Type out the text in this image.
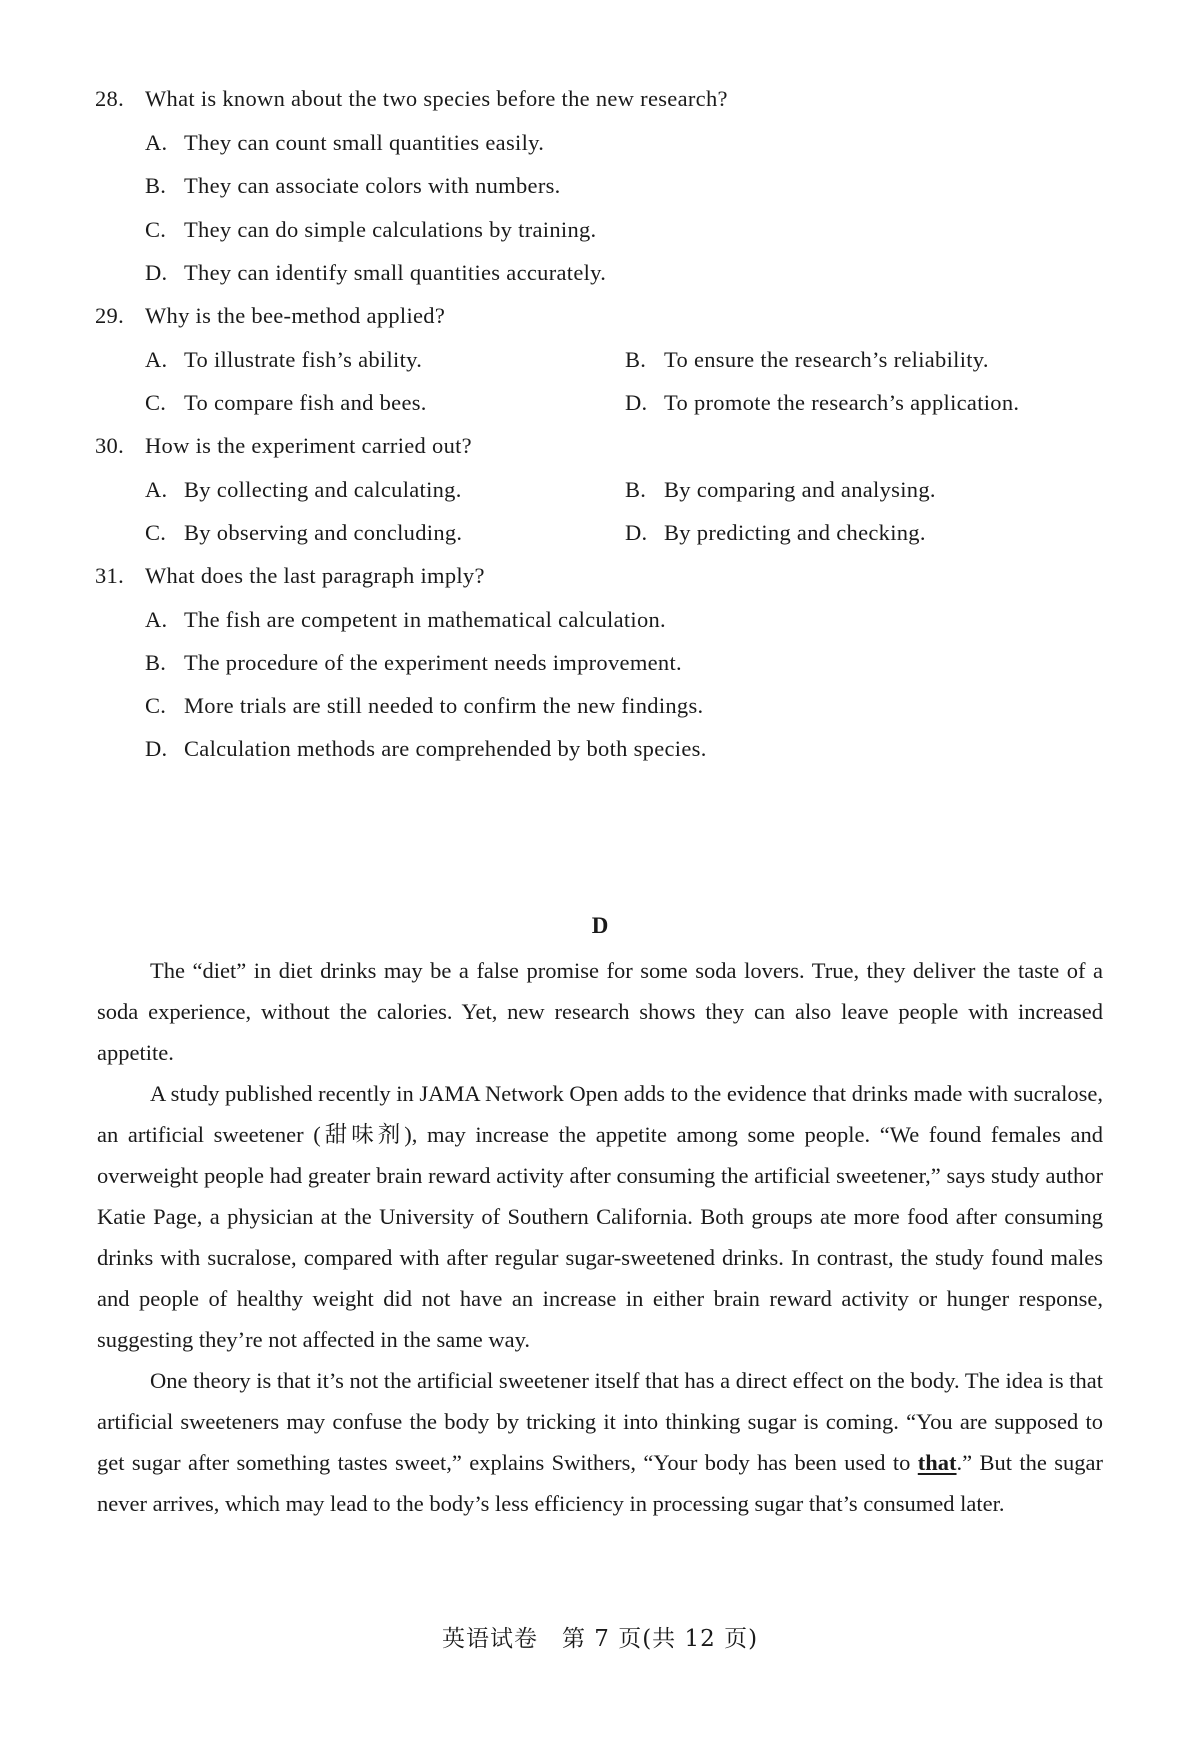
28. What is known about the two species before the new research?
A. They can count small quantities easily.
B. They can associate colors with numbers.
C. They can do simple calculations by training.
D. They can identify small quantities accurately.
29. Why is the bee-method applied?
A. To illustrate fish’s ability.	B. To ensure the research’s reliability.
C. To compare fish and bees.	D. To promote the research’s application.
30. How is the experiment carried out?
A. By collecting and calculating.	B. By comparing and analysing.
C. By observing and concluding.	D. By predicting and checking.
31. What does the last paragraph imply?
A. The fish are competent in mathematical calculation.
B. The procedure of the experiment needs improvement.
C. More trials are still needed to confirm the new findings.
D. Calculation methods are comprehended by both species.
D

The “diet” in diet drinks may be a false promise for some soda lovers. True, they deliver the taste of a soda experience, without the calories. Yet, new research shows they can also leave people with increased appetite.

A study published recently in JAMA Network Open adds to the evidence that drinks made with sucralose, an artificial sweetener (甜味剂), may increase the appetite among some people. “We found females and overweight people had greater brain reward activity after consuming the artificial sweetener,” says study author Katie Page, a physician at the University of Southern California. Both groups ate more food after consuming drinks with sucralose, compared with after regular sugar-sweetened drinks. In contrast, the study found males and people of healthy weight did not have an increase in either brain reward activity or hunger response, suggesting they’re not affected in the same way.

One theory is that it’s not the artificial sweetener itself that has a direct effect on the body. The idea is that artificial sweeteners may confuse the body by tricking it into thinking sugar is coming. “You are supposed to get sugar after something tastes sweet,” explains Swithers, “Your body has been used to that.” But the sugar never arrives, which may lead to the body’s less efficiency in processing sugar that’s consumed later.

英语试卷　第 7 页(共 12 页)
